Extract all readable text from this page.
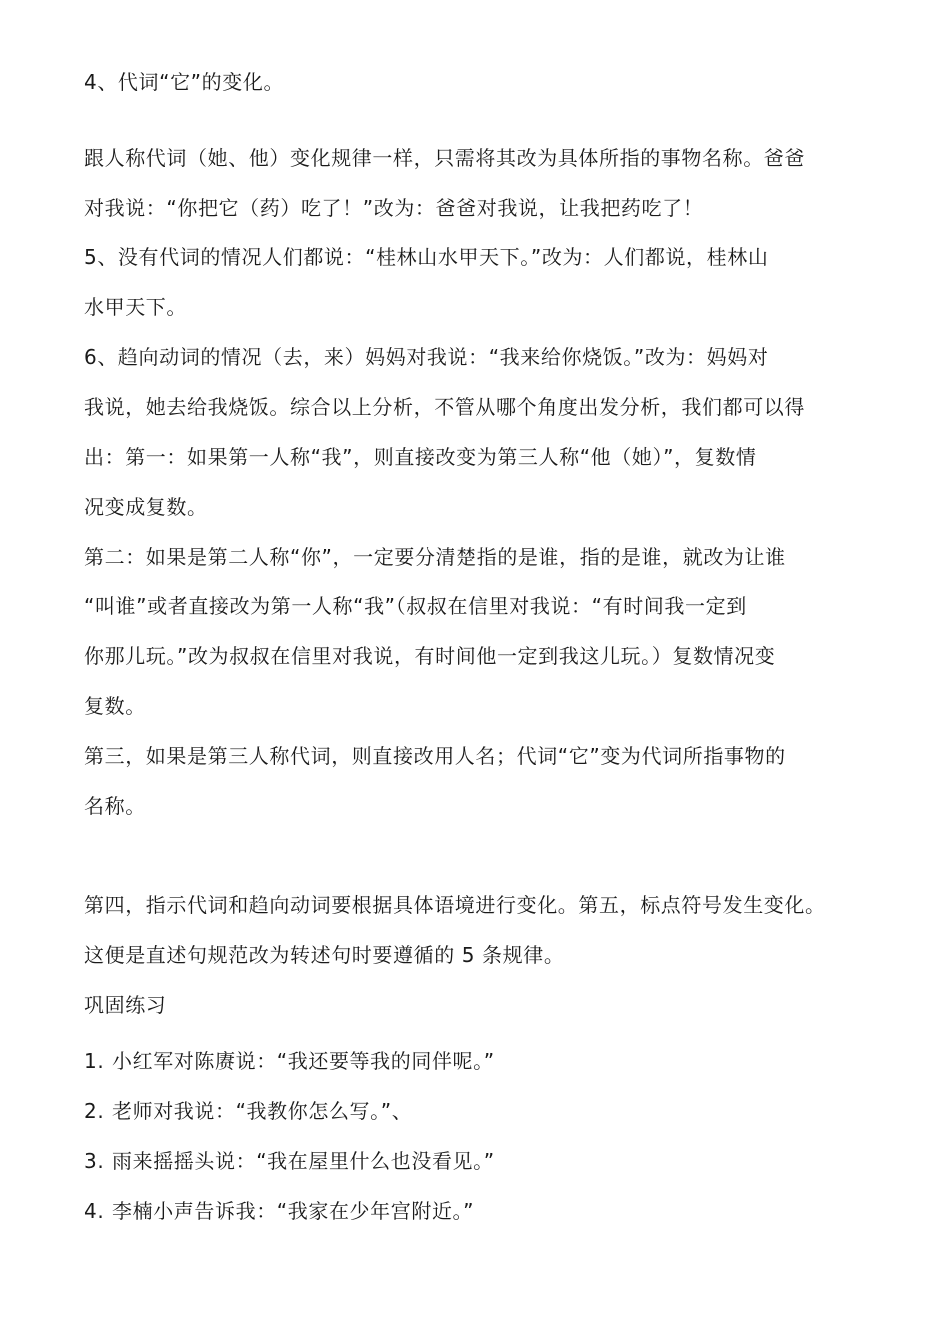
4、代词“它”的变化。

跟人称代词（她、他）变化规律一样，只需将其改为具体所指的事物名称。爸爸

对我说：“你把它（药）吃了！”改为：爸爸对我说，让我把药吃了！

5、没有代词的情况人们都说：“桂林山水甲天下。”改为：人们都说，桂林山

水甲天下。

6、趋向动词的情况（去，来）妈妈对我说：“我来给你烧饭。”改为：妈妈对

我说，她去给我烧饭。综合以上分析，不管从哪个角度出发分析，我们都可以得

出：第一：如果第一人称“我”，则直接改变为第三人称“他（她）”，复数情

况变成复数。

第二：如果是第二人称“你”，一定要分清楚指的是谁，指的是谁，就改为让谁

“叫谁”或者直接改为第一人称“我”（叔叔在信里对我说：“有时间我一定到

你那儿玩。”改为叔叔在信里对我说，有时间他一定到我这儿玩。）复数情况变

复数。

第三，如果是第三人称代词，则直接改用人名；代词“它”变为代词所指事物的

名称。

第四，指示代词和趋向动词要根据具体语境进行变化。第五，标点符号发生变化。

这便是直述句规范改为转述句时要遵循的 5 条规律。

巩固练习

1. 小红军对陈赓说：“我还要等我的同伴呢。”

2. 老师对我说：“我教你怎么写。”、

3. 雨来摇摇头说：“我在屋里什么也没看见。”

4. 李楠小声告诉我：“我家在少年宫附近。”
